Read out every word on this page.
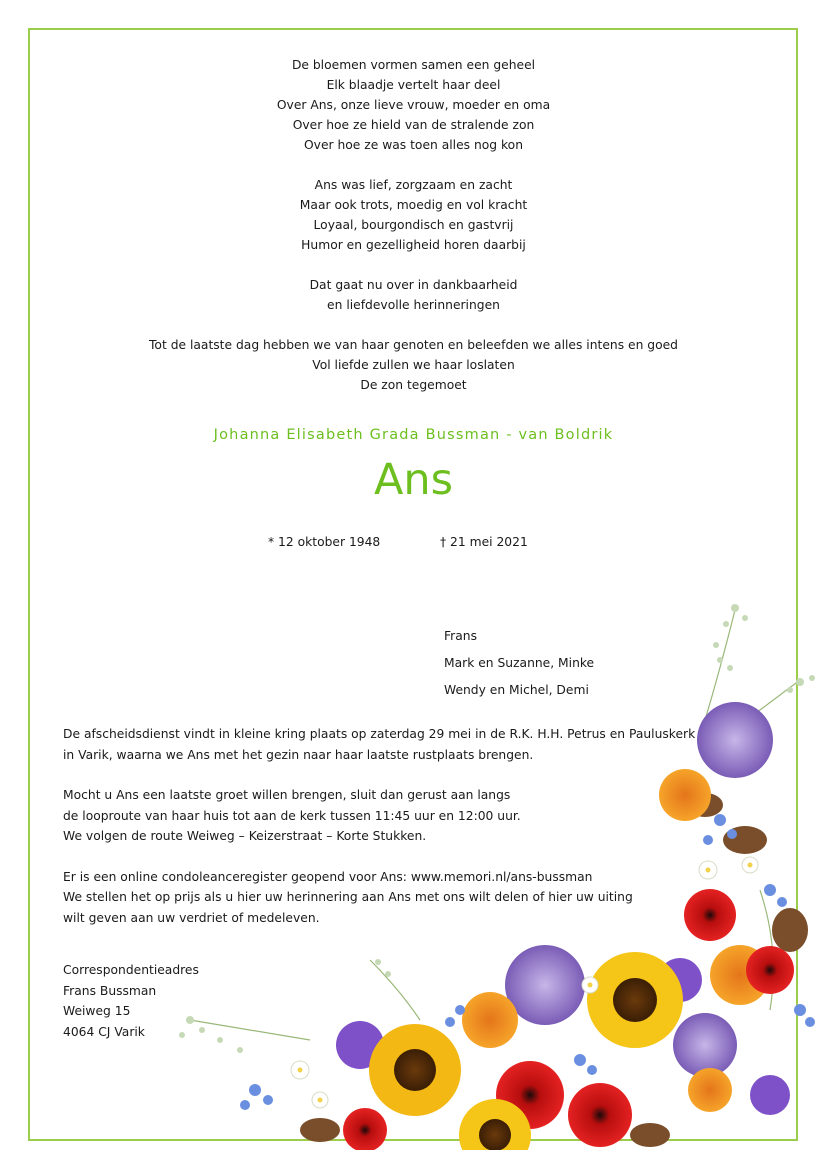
De bloemen vormen samen een geheel
Elk blaadje vertelt haar deel
Over Ans, onze lieve vrouw, moeder en oma
Over hoe ze hield van de stralende zon
Over hoe ze was toen alles nog kon
Ans was lief, zorgzaam en zacht
Maar ook trots, moedig en vol kracht
Loyaal, bourgondisch en gastvrij
Humor en gezelligheid horen daarbij
Dat gaat nu over in dankbaarheid
en liefdevolle herinneringen
Tot de laatste dag hebben we van haar genoten en beleefden we alles intens en goed
Vol liefde zullen we haar loslaten
De zon tegemoet
Johanna Elisabeth Grada Bussman - van Boldrik
Ans
* 12 oktober 1948	† 21 mei 2021
Frans
Mark en Suzanne, Minke
Wendy en Michel, Demi
De afscheidsdienst vindt in kleine kring plaats op zaterdag 29 mei in de R.K. H.H. Petrus en Pauluskerk
in Varik, waarna we Ans met het gezin naar haar laatste rustplaats brengen.
Mocht u Ans een laatste groet willen brengen, sluit dan gerust aan langs
de looproute van haar huis tot aan de kerk tussen 11:45 uur en 12:00 uur.
We volgen de route Weiweg – Keizerstraat – Korte Stukken.
Er is een online condoleanceregister geopend voor Ans: www.memori.nl/ans-bussman
We stellen het op prijs als u hier uw herinnering aan Ans met ons wilt delen of hier uw uiting
wilt geven aan uw verdriet of medeleven.
Correspondentieadres
Frans Bussman
Weiweg 15
4064 CJ Varik
